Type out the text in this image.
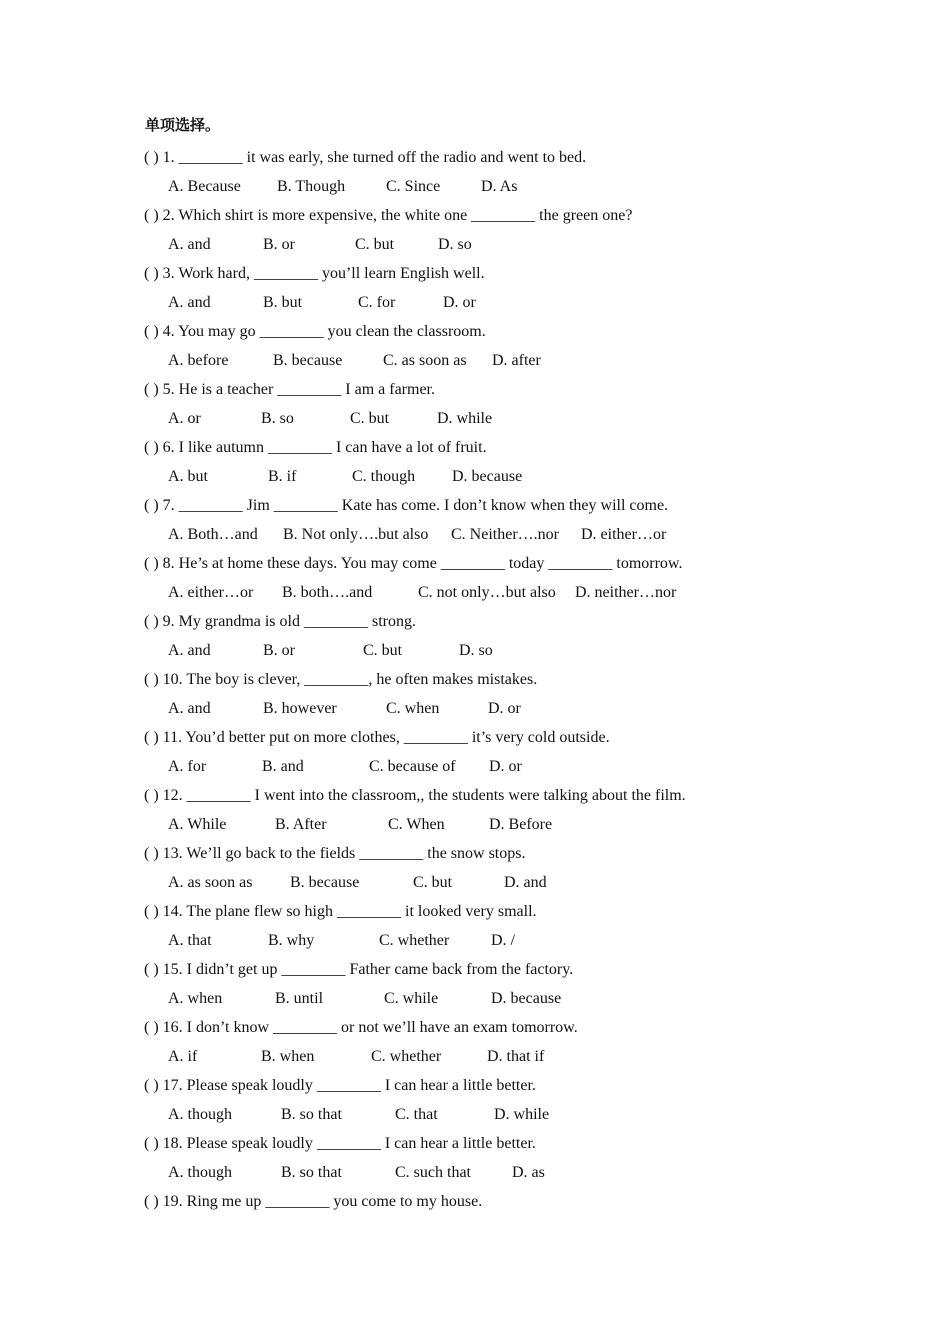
单项选择。
( ) 1. ________ it was early, she turned off the radio and went to bed.
A. Because B. Though	C. Since	D. As
( ) 2. Which shirt is more expensive, the white one ________ the green one?
A. and	B. or	C. but	D. so
( ) 3. Work hard, ________ you’ll learn English well.
A. and	B. but	C. for	D. or
( ) 4. You may go ________ you clean the classroom.
A. before	B. because	C. as soon as D. after
( ) 5. He is a teacher ________ I am a farmer.
A. or	B. so	C. but	D. while
( ) 6. I like autumn ________ I can have a lot of fruit.
A. but	B. if	C. though D. because
( ) 7. ________ Jim ________ Kate has come. I don’t know when they will come.
A. Both…and B. Not only….but also C. Neither….nor D. either…or
( ) 8. He’s at home these days. You may come ________ today ________ tomorrow.
A. either…or B. both….and	C. not only…but also D. neither…nor
( ) 9. My grandma is old ________ strong.
A. and	B. or	C. but	D. so
( ) 10. The boy is clever, ________, he often makes mistakes.
A. and	B. however	C. when	D. or
( ) 11. You’d better put on more clothes, ________ it’s very cold outside.
A. for	B. and	C. because of D. or
( ) 12. ________ I went into the classroom,, the students were talking about the film.
A. While	B. After	C. When	D. Before
( ) 13. We’ll go back to the fields ________ the snow stops.
A. as soon as B. because	C. but	D. and
( ) 14. The plane flew so high ________ it looked very small.
A. that	B. why	C. whether	D. /
( ) 15. I didn’t get up ________ Father came back from the factory.
A. when	B. until	C. while	D. because
( ) 16. I don’t know ________ or not we’ll have an exam tomorrow.
A. if	B. when	C. whether	D. that if
( ) 17. Please speak loudly ________ I can hear a little better.
A. though	B. so that	C. that	D. while
( ) 18. Please speak loudly ________ I can hear a little better.
A. though	B. so that	C. such that	D. as
( ) 19. Ring me up ________ you come to my house.
